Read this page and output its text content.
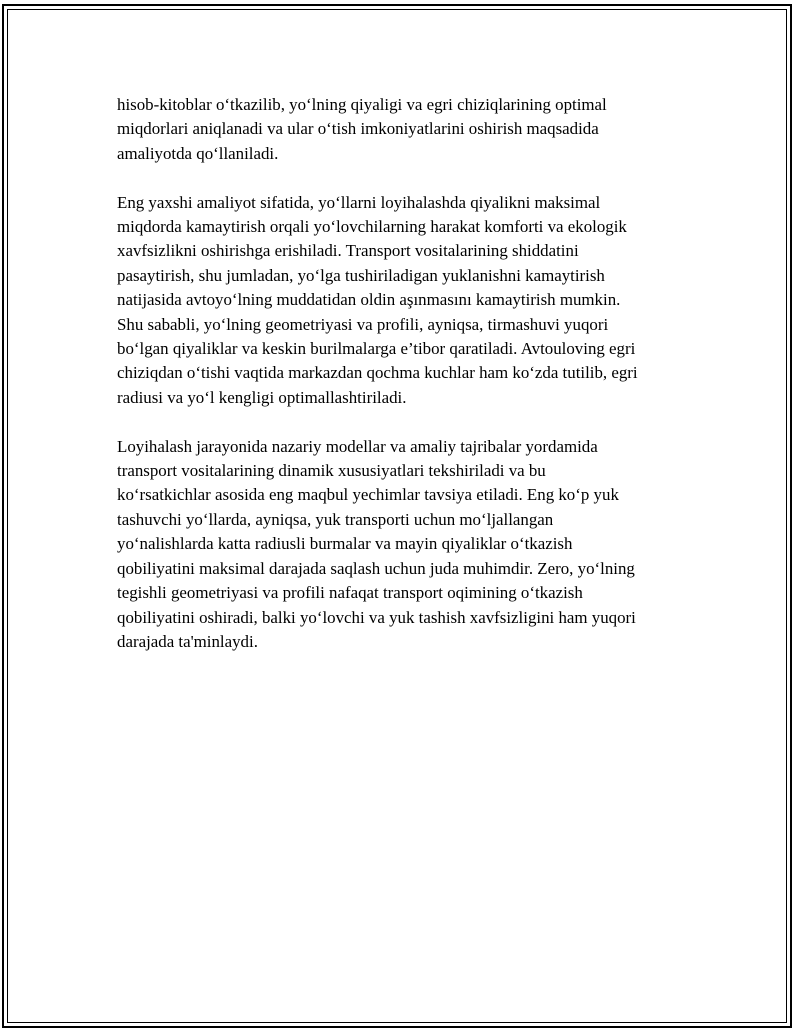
hisob-kitoblar o‘tkazilib, yo‘lning qiyaligi va egri chiziqlarining optimal
miqdorlari aniqlanadi va ular o‘tish imkoniyatlarini oshirish maqsadida
amaliyotda qo‘llaniladi.

Eng yaxshi amaliyot sifatida, yo‘llarni loyihalashda qiyalikni maksimal
miqdorda kamaytirish orqali yo‘lovchilarning harakat komforti va ekologik
xavfsizlikni oshirishga erishiladi. Transport vositalarining shiddatini
pasaytirish, shu jumladan, yo‘lga tushiriladigan yuklanishni kamaytirish
natijasida avtoyo‘lning muddatidan oldin aşınmasını kamaytirish mumkin.
Shu sababli, yo‘lning geometriyasi va profili, ayniqsa, tirmashuvi yuqori
bo‘lgan qiyaliklar va keskin burilmalarga e’tibor qaratiladi. Avtouloving egri
chiziqdan o‘tishi vaqtida markazdan qochma kuchlar ham ko‘zda tutilib, egri
radiusi va yo‘l kengligi optimallashtiriladi.

Loyihalash jarayonida nazariy modellar va amaliy tajribalar yordamida
transport vositalarining dinamik xususiyatlari tekshiriladi va bu
ko‘rsatkichlar asosida eng maqbul yechimlar tavsiya etiladi. Eng ko‘p yuk
tashuvchi yo‘llarda, ayniqsa, yuk transporti uchun mo‘ljallangan
yo‘nalishlarda katta radiusli burmalar va mayin qiyaliklar o‘tkazish
qobiliyatini maksimal darajada saqlash uchun juda muhimdir. Zero, yo‘lning
tegishli geometriyasi va profili nafaqat transport oqimining o‘tkazish
qobiliyatini oshiradi, balki yo‘lovchi va yuk tashish xavfsizligini ham yuqori
darajada ta'minlaydi.
